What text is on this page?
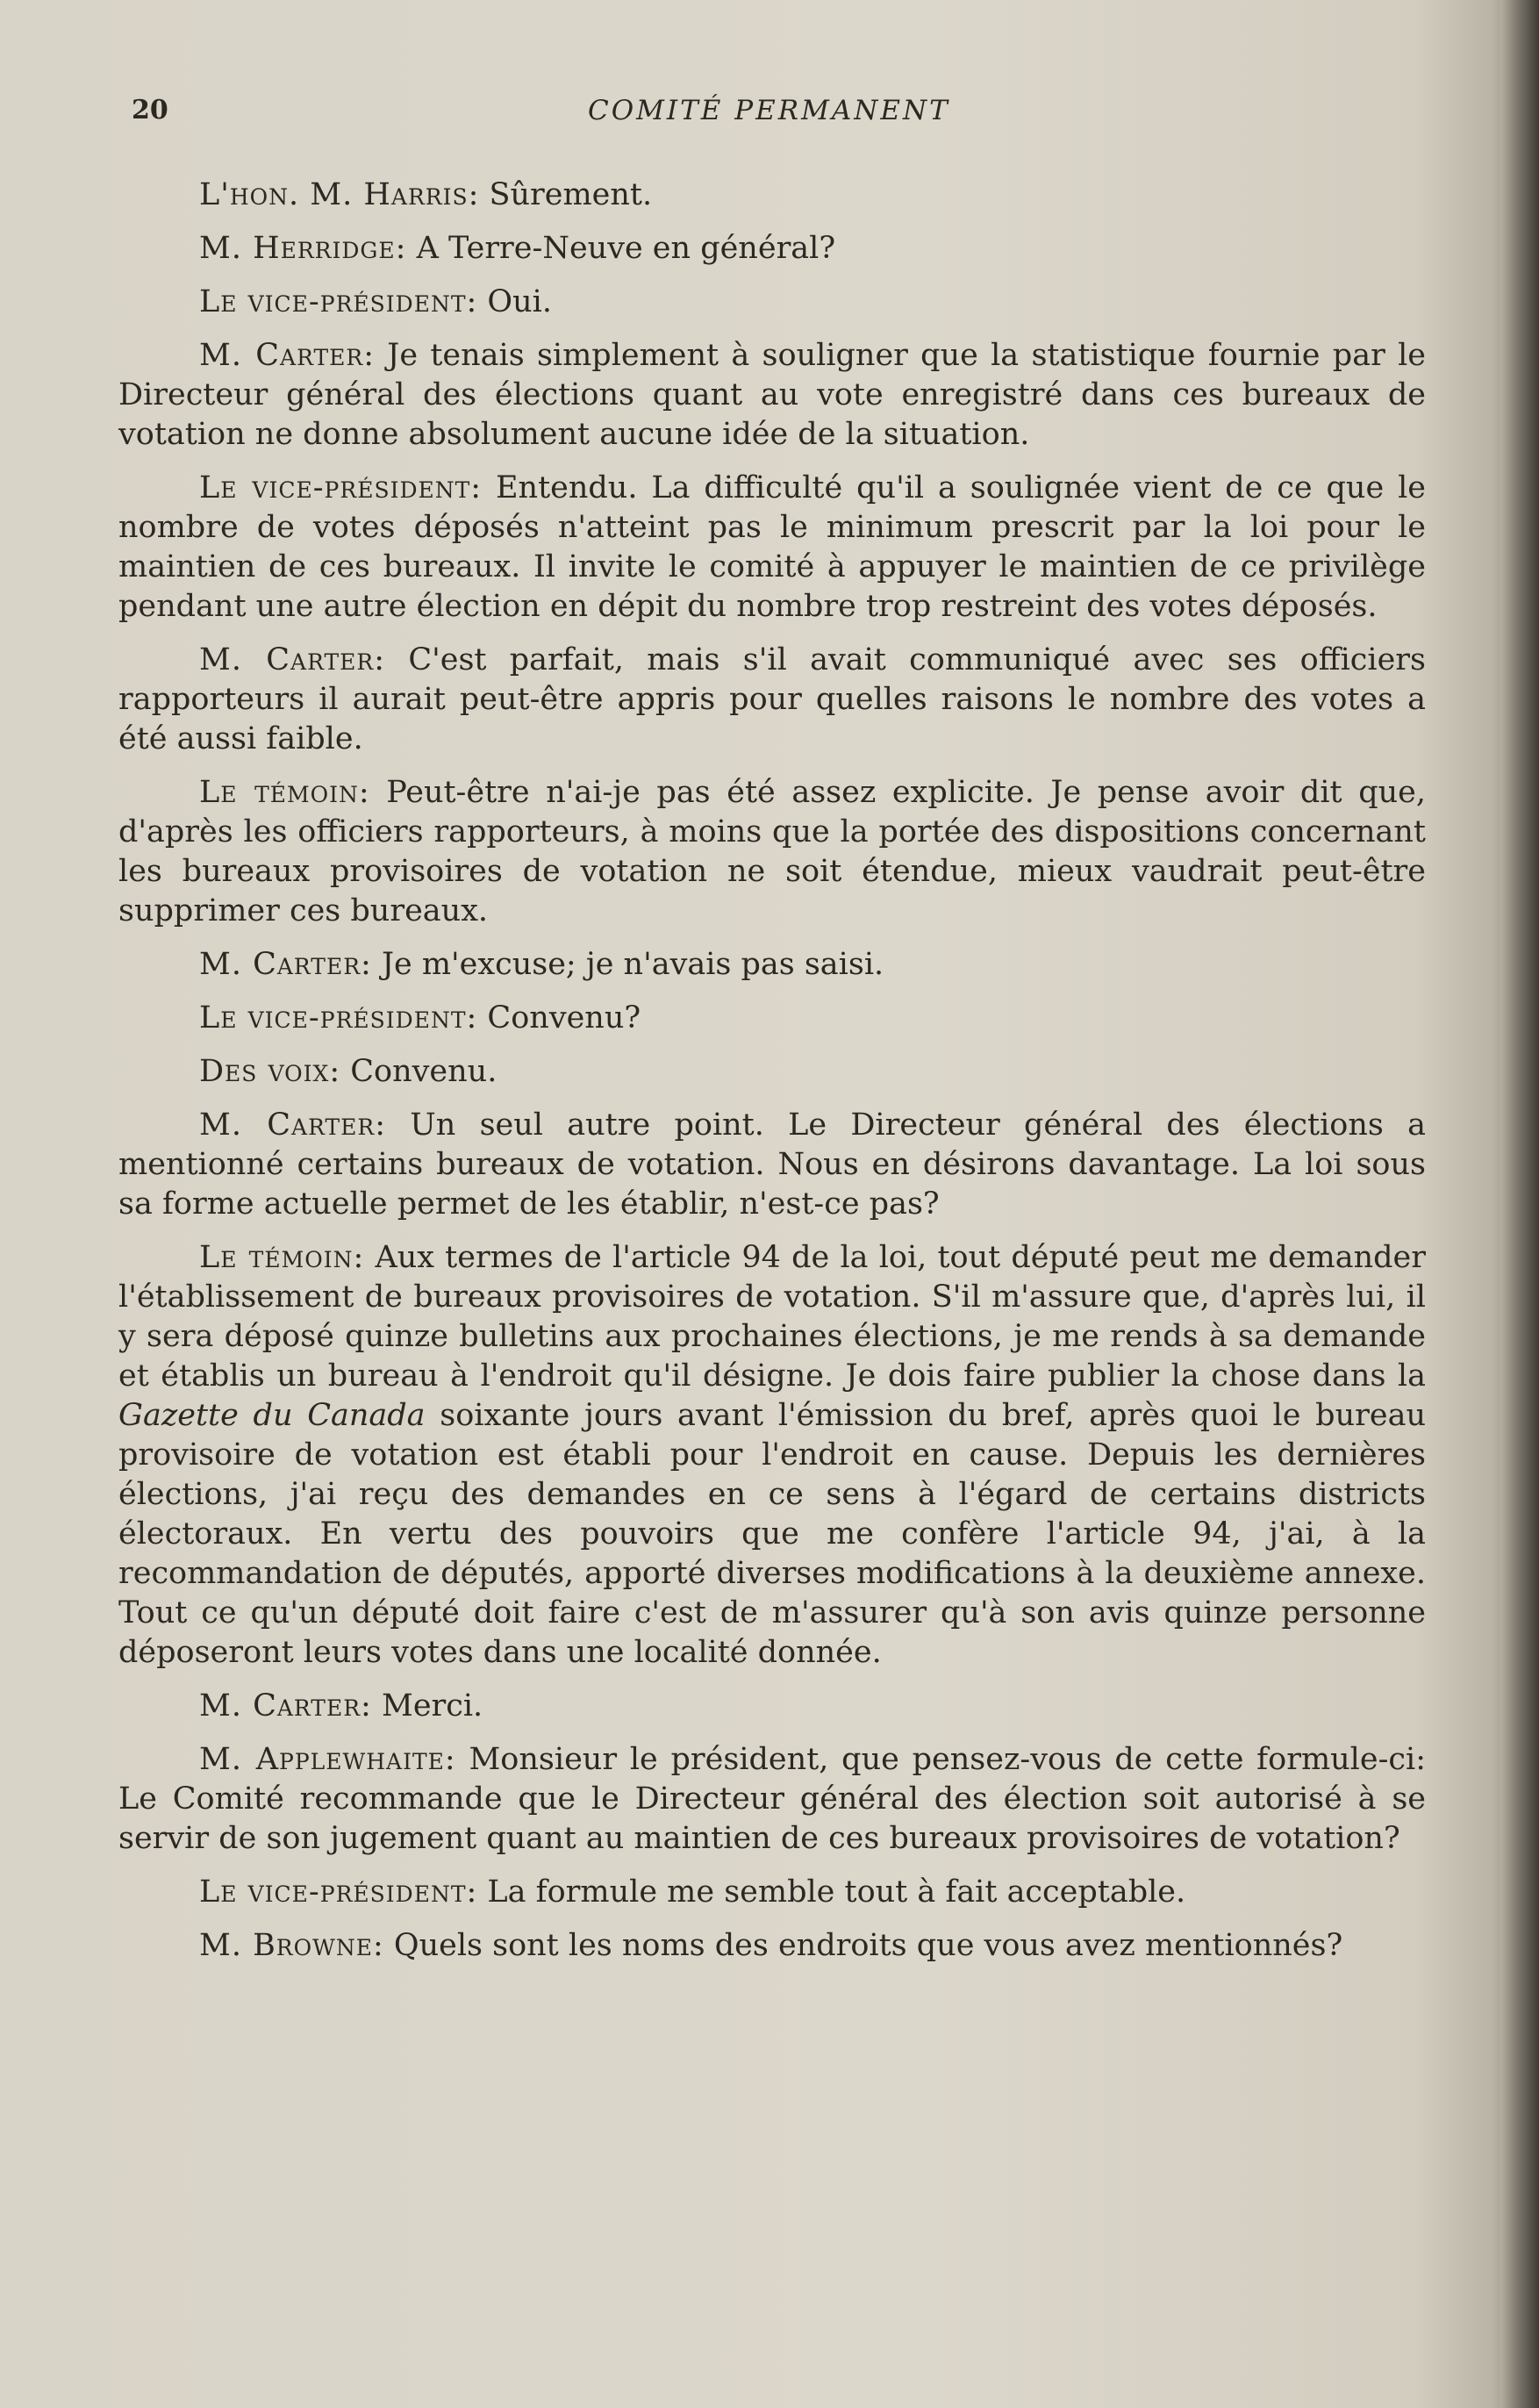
20	COMITÉ PERMANENT

L'hon. M. Harris: Sûrement.

M. Herridge: A Terre-Neuve en général?

Le vice-président: Oui.

M. Carter: Je tenais simplement à souligner que la statistique fournie par le Directeur général des élections quant au vote enregistré dans ces bureaux de votation ne donne absolument aucune idée de la situation.

Le vice-président: Entendu. La difficulté qu'il a soulignée vient de ce que le nombre de votes déposés n'atteint pas le minimum prescrit par la loi pour le maintien de ces bureaux. Il invite le comité à appuyer le maintien de ce privilège pendant une autre élection en dépit du nombre trop restreint des votes déposés.

M. Carter: C'est parfait, mais s'il avait communiqué avec ses officiers rapporteurs il aurait peut-être appris pour quelles raisons le nombre des votes a été aussi faible.

Le témoin: Peut-être n'ai-je pas été assez explicite. Je pense avoir dit que, d'après les officiers rapporteurs, à moins que la portée des dispositions concernant les bureaux provisoires de votation ne soit étendue, mieux vaudrait peut-être supprimer ces bureaux.

M. Carter: Je m'excuse; je n'avais pas saisi.

Le vice-président: Convenu?

Des voix: Convenu.

M. Carter: Un seul autre point. Le Directeur général des élections a mentionné certains bureaux de votation. Nous en désirons davantage. La loi sous sa forme actuelle permet de les établir, n'est-ce pas?

Le témoin: Aux termes de l'article 94 de la loi, tout député peut me demander l'établissement de bureaux provisoires de votation. S'il m'assure que, d'après lui, il y sera déposé quinze bulletins aux prochaines élections, je me rends à sa demande et établis un bureau à l'endroit qu'il désigne. Je dois faire publier la chose dans la Gazette du Canada soixante jours avant l'émission du bref, après quoi le bureau provisoire de votation est établi pour l'endroit en cause. Depuis les dernières élections, j'ai reçu des demandes en ce sens à l'égard de certains districts électoraux. En vertu des pouvoirs que me confère l'article 94, j'ai, à la recommandation de députés, apporté diverses modifications à la deuxième annexe. Tout ce qu'un député doit faire c'est de m'assurer qu'à son avis quinze personne déposeront leurs votes dans une localité donnée.

M. Carter: Merci.

M. Applewhaite: Monsieur le président, que pensez-vous de cette formule-ci: Le Comité recommande que le Directeur général des élection soit autorisé à se servir de son jugement quant au maintien de ces bureaux provisoires de votation?

Le vice-président: La formule me semble tout à fait acceptable.

M. Browne: Quels sont les noms des endroits que vous avez mentionnés?
